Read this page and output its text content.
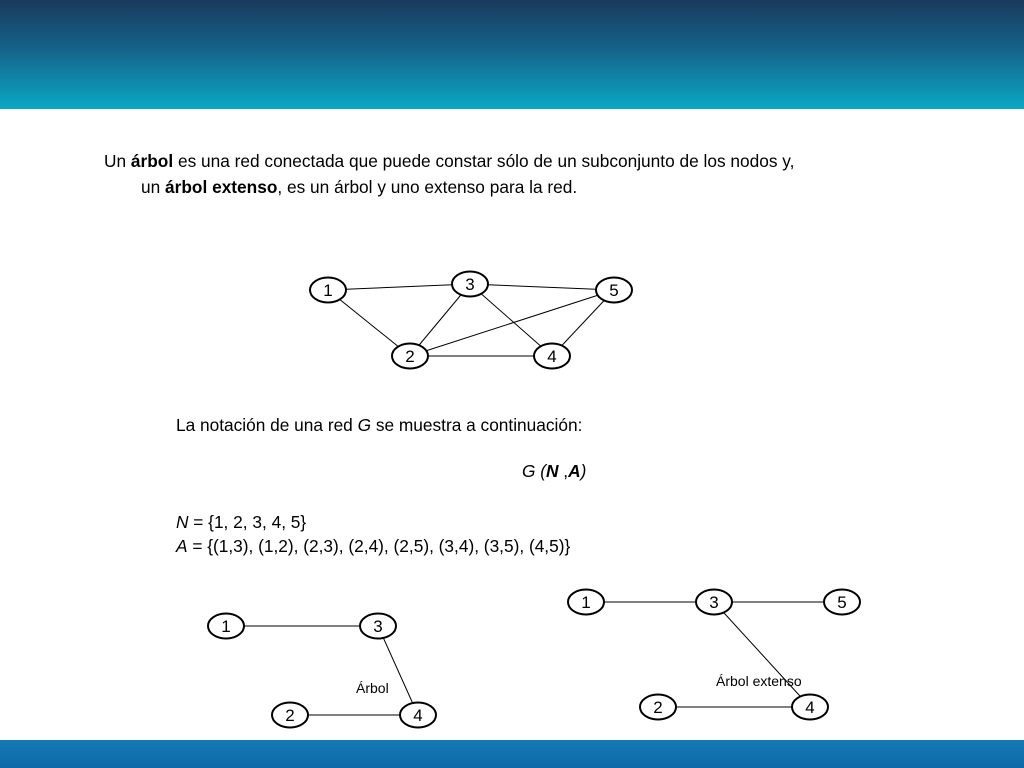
Un árbol es una red conectada que puede constar sólo de un subconjunto de los nodos y,
un árbol extenso, es un árbol y uno extenso para la red.
La notación de una red G se muestra a continuación:
G (N ,A)
N = {1, 2, 3, 4, 5}
A = {(1,3), (1,2), (2,3), (2,4), (2,5), (3,4), (3,5), (4,5)}
1
2
3
4
5
1
2
3
4
1
2
3
4
5
Árbol	Árbol extenso
